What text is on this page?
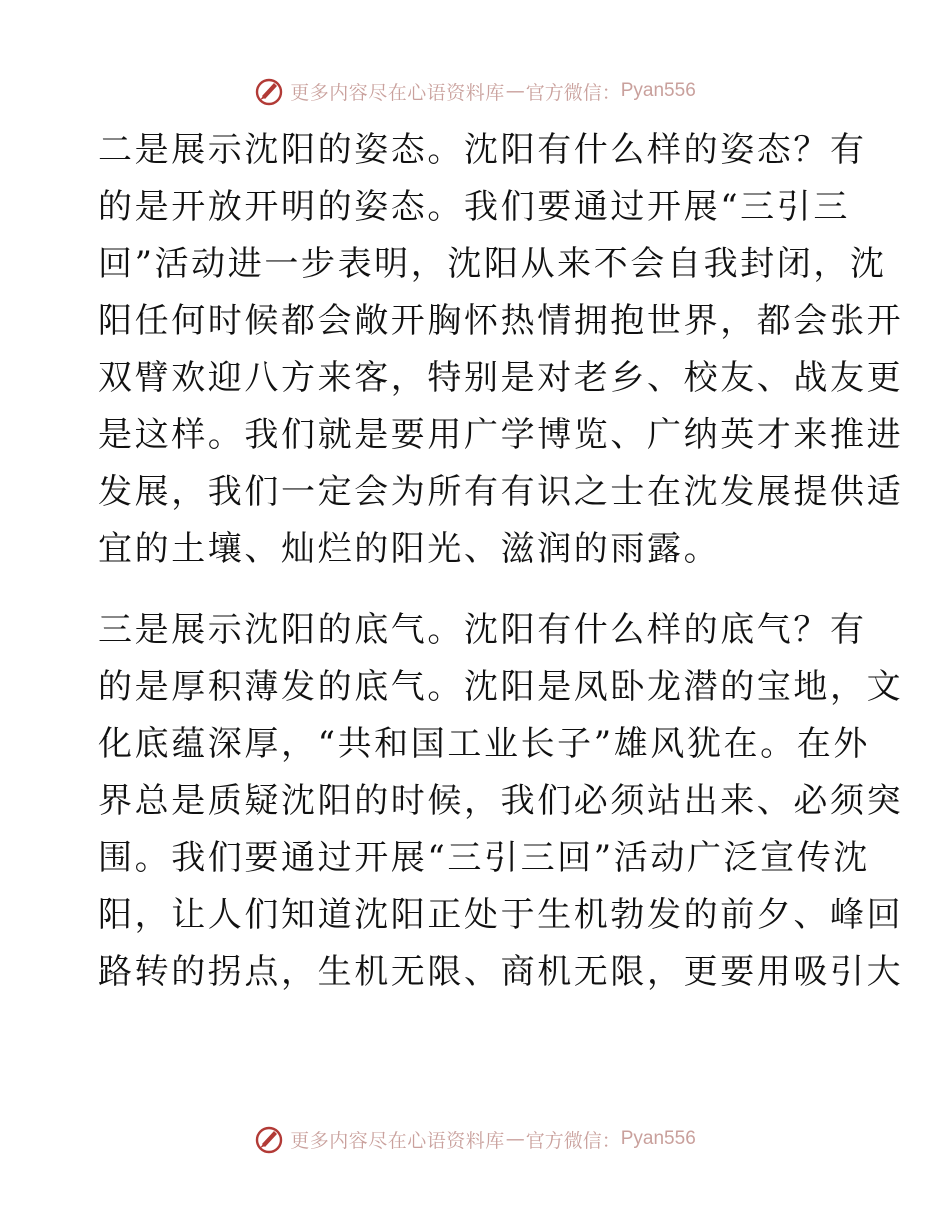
更多内容尽在心语资料库 — 官方微信： Pyan556

二是展示沈阳的姿态。沈阳有什么样的姿态？有
的是开放开明的姿态。我们要通过开展“三引三
回”活动进一步表明，沈阳从来不会自我封闭，沈
阳任何时候都会敞开胸怀热情拥抱世界，都会张开
双臂欢迎八方来客，特别是对老乡、校友、战友更
是这样。我们就是要用广学博览、广纳英才来推进
发展，我们一定会为所有有识之士在沈发展提供适
宜的土壤、灿烂的阳光、滋润的雨露。

三是展示沈阳的底气。沈阳有什么样的底气？有
的是厚积薄发的底气。沈阳是凤卧龙潜的宝地，文
化底蕴深厚，“共和国工业长子”雄风犹在。在外
界总是质疑沈阳的时候，我们必须站出来、必须突
围。我们要通过开展“三引三回”活动广泛宣传沈
阳，让人们知道沈阳正处于生机勃发的前夕、峰回
路转的拐点，生机无限、商机无限，更要用吸引大

更多内容尽在心语资料库 — 官方微信： Pyan556
